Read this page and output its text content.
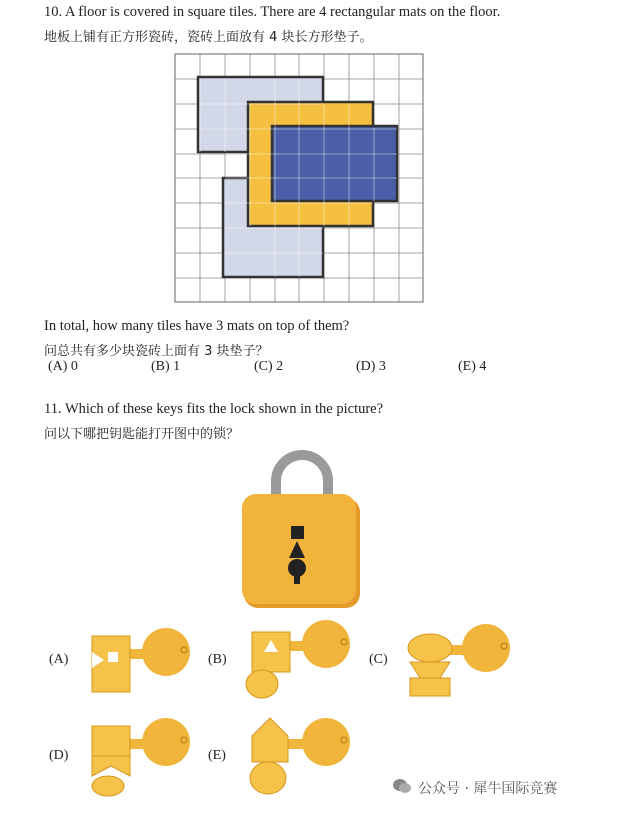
10. A floor is covered in square tiles. There are 4 rectangular mats on the floor.
地板上铺有正方形瓷砖，瓷砖上面放有 4 块长方形垫子。
In total, how many tiles have 3 mats on top of them?
问总共有多少块瓷砖上面有 3 块垫子？
(A) 0	(B) 1	(C) 2	(D) 3	(E) 4
11. Which of these keys fits the lock shown in the picture?
问以下哪把钥匙能打开图中的锁？
(A)	(B)	(C)
(D)	(E)
公众号 · 犀牛国际竞赛
